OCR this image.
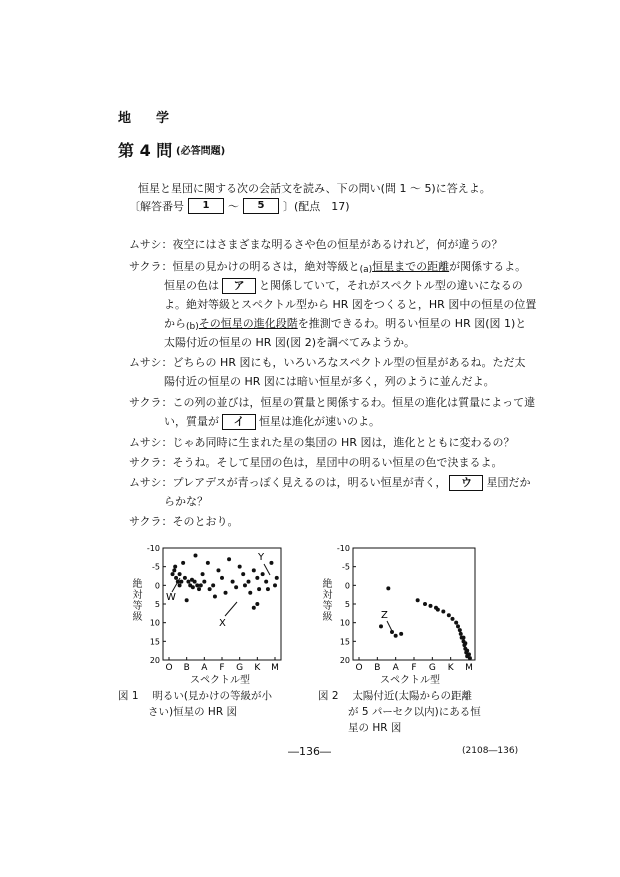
地　学
第 4 問 (必答問題)
恒星と星団に関する次の会話文を読み、下の問い(問 1 ～ 5)に答えよ。
〔解答番号	1	～	5	〕(配点　17)
ムサシ：夜空にはさまざまな明るさや色の恒星があるけれど，何が違うの？
サクラ：恒星の見かけの明るさは，絶対等級と$_{(a)}$恒星までの距離が関係するよ。
恒星の色は ア と関係していて，それがスペクトル型の違いになるの
よ。絶対等級とスペクトル型から HR 図をつくると，HR 図中の恒星の位置
から$_{(b)}$その恒星の進化段階を推測できるわ。明るい恒星の HR 図(図 1)と
太陽付近の恒星の HR 図(図 2)を調べてみようか。
ムサシ：どちらの HR 図にも，いろいろなスペクトル型の恒星があるね。ただ太
陽付近の恒星の HR 図には暗い恒星が多く，列のように並んだよ。
サクラ：この列の並びは，恒星の質量と関係するわ。恒星の進化は質量によって違
い，質量が イ 恒星は進化が速いのよ。
ムサシ：じゃあ同時に生まれた星の集団の HR 図は，進化とともに変わるの？
サクラ：そうね。そして星団の色は，星団中の明るい恒星の色で決まるよ。
ムサシ：プレアデスが青っぽく見えるのは，明るい恒星が青く， ウ 星団だか
らかな？
サクラ：そのとおり。
絶対等級
-10
-5
0
5
10
15
20
O B A F G K M
W
X
Y
-10
-5
0
5
10
15
20
O B A F G K M
Z
スペクトル型
図 1　 明るい(見かけの等級が小
さい)恒星の HR 図
絶対等級
スペクトル型
図 2　 太陽付近(太陽からの距離
が 5 パーセク以内)にある恒
星の HR 図
―136―	(2108―136)
